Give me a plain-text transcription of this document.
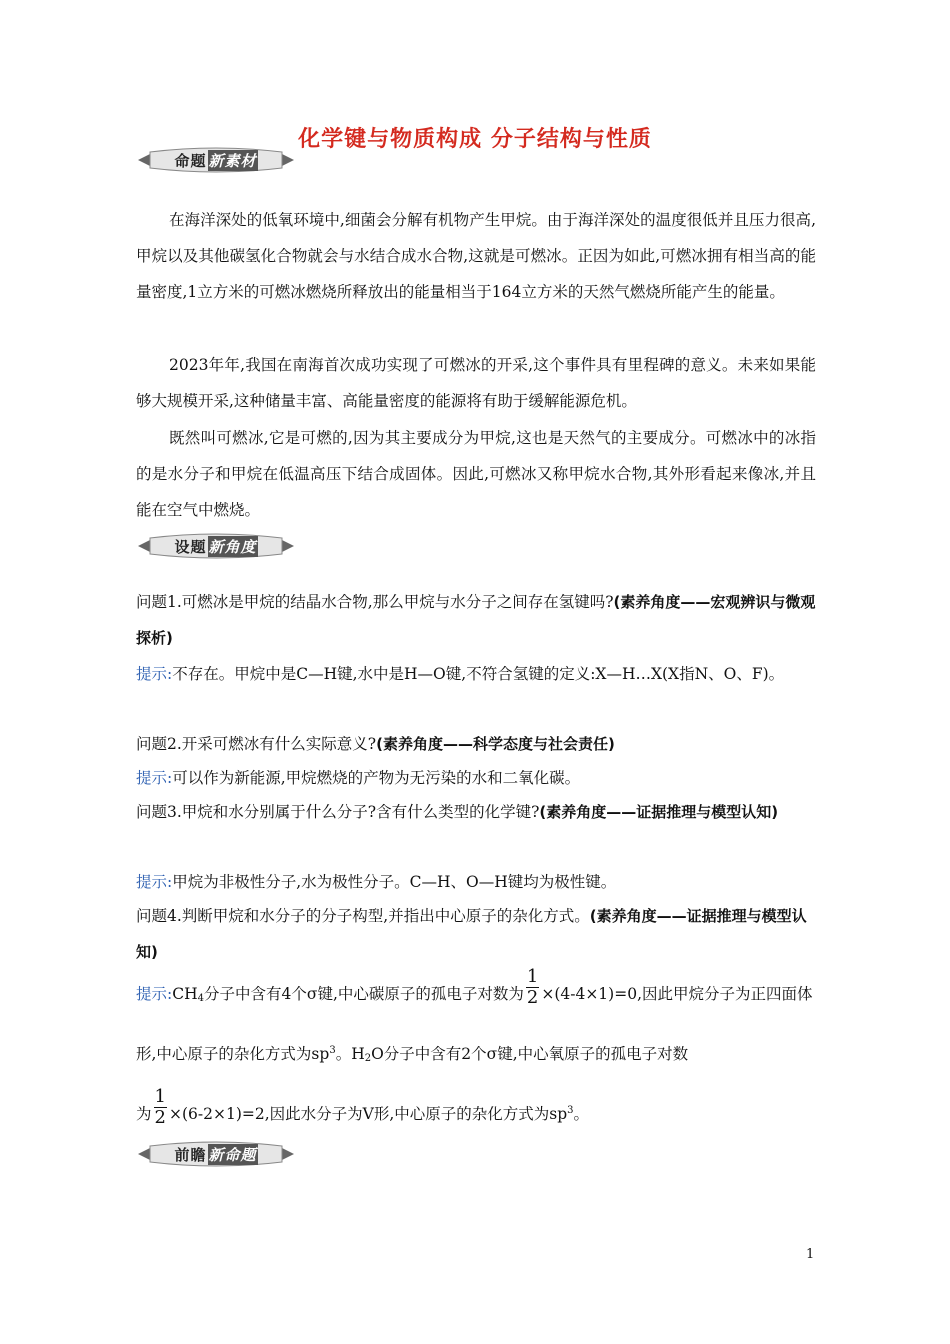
化学键与物质构成 分子结构与性质
命题 新素材
在海洋深处的低氧环境中,细菌会分解有机物产生甲烷。由于海洋深处的温度很低并且压力很高,甲烷以及其他碳氢化合物就会与水结合成水合物,这就是可燃冰。正因为如此,可燃冰拥有相当高的能量密度,1立方米的可燃冰燃烧所释放出的能量相当于164立方米的天然气燃烧所能产生的能量。
2023年年,我国在南海首次成功实现了可燃冰的开采,这个事件具有里程碑的意义。未来如果能够大规模开采,这种储量丰富、高能量密度的能源将有助于缓解能源危机。
既然叫可燃冰,它是可燃的,因为其主要成分为甲烷,这也是天然气的主要成分。可燃冰中的冰指的是水分子和甲烷在低温高压下结合成固体。因此,可燃冰又称甲烷水合物,其外形看起来像冰,并且能在空气中燃烧。
设题 新角度
问题1.可燃冰是甲烷的结晶水合物,那么甲烷与水分子之间存在氢键吗?(素养角度——宏观辨识与微观探析)
提示:不存在。甲烷中是C—H键,水中是H—O键,不符合氢键的定义:X—H…X(X指N、O、F)。
问题2.开采可燃冰有什么实际意义?(素养角度——科学态度与社会责任)
提示:可以作为新能源,甲烷燃烧的产物为无污染的水和二氧化碳。
问题3.甲烷和水分别属于什么分子?含有什么类型的化学键?(素养角度——证据推理与模型认知)
提示:甲烷为非极性分子,水为极性分子。C—H、O—H键均为极性键。
问题4.判断甲烷和水分子的分子构型,并指出中心原子的杂化方式。(素养角度——证据推理与模型认知)
提示$:CH_4$分子中含有4个σ键,中心碳原子的孤电子对数为 $\frac{1}{2} \times(4-4\times 1)=0$,因此甲烷分子为正四面体形,中心原子的杂化方式为$sp^3$。$H_2O$分子中含有2个σ键,中心氧原子的孤电子对数
为 $\frac{1}{2} \times(6-2\times 1)=2$,因此水分子为V形,中心原子的杂化方式为$sp^3$。
前瞻 新命题
1
